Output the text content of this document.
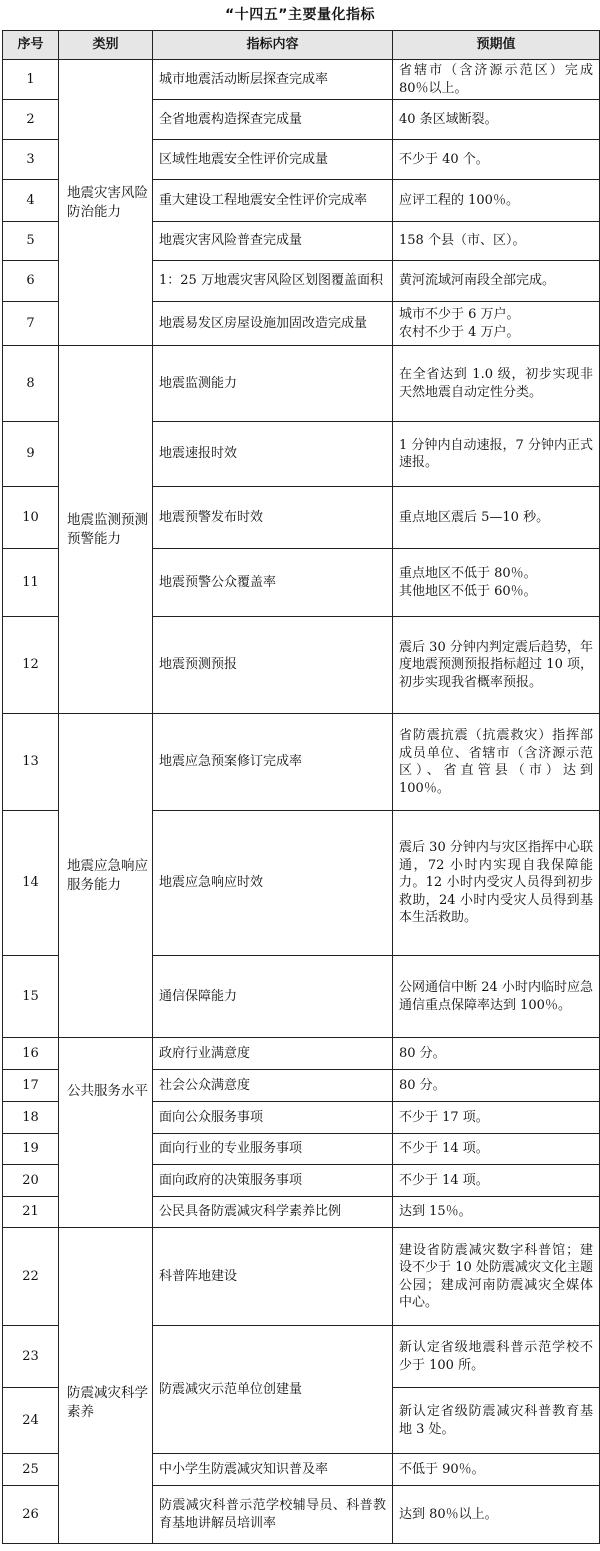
“十四五”主要量化指标
序号	类别	指标内容	预期值
1	地震灾害风险防治能力	城市地震活动断层探查完成率	省辖市（含济源示范区）完成 80％以上。
2		全省地震构造探查完成量	40 条区域断裂。
3		区域性地震安全性评价完成量	不少于 40 个。
4		重大建设工程地震安全性评价完成率	应评工程的 100％。
5		地震灾害风险普查完成量	158 个县（市、区）。
6		1：25 万地震灾害风险区划图覆盖面积	黄河流域河南段全部完成。
7		地震易发区房屋设施加固改造完成量	城市不少于 6 万户。
农村不少于 4 万户。
8	地震监测预测预警能力	地震监测能力	在全省达到 1.0 级，初步实现非天然地震自动定性分类。
9		地震速报时效	1 分钟内自动速报，7 分钟内正式速报。
10		地震预警发布时效	重点地区震后 5—10 秒。
11		地震预警公众覆盖率	重点地区不低于 80％。
其他地区不低于 60％。
12		地震预测预报	震后 30 分钟内判定震后趋势，年度地震预测预报指标超过 10 项，初步实现我省概率预报。
13	地震应急响应服务能力	地震应急预案修订完成率	省防震抗震（抗震救灾）指挥部成员单位、省辖市（含济源示范区）、省直管县（市）达到 100％。
14		地震应急响应时效	震后 30 分钟内与灾区指挥中心联通，72 小时内实现自我保障能力。12 小时内受灾人员得到初步救助，24 小时内受灾人员得到基本生活救助。
15		通信保障能力	公网通信中断 24 小时内临时应急通信重点保障率达到 100％。
16	公共服务水平	政府行业满意度	80 分。
17		社会公众满意度	80 分。
18		面向公众服务事项	不少于 17 项。
19		面向行业的专业服务事项	不少于 14 项。
20		面向政府的决策服务事项	不少于 14 项。
21		公民具备防震减灾科学素养比例	达到 15％。
22	防震减灾科学素养	科普阵地建设	建设省防震减灾数字科普馆；建设不少于 10 处防震减灾文化主题公园；建成河南防震减灾全媒体中心。
23		防震减灾示范单位创建量	新认定省级地震科普示范学校不少于 100 所。
24			新认定省级防震减灾科普教育基地 3 处。
25		中小学生防震减灾知识普及率	不低于 90％。
26		防震减灾科普示范学校辅导员、科普教育基地讲解员培训率	达到 80％以上。
